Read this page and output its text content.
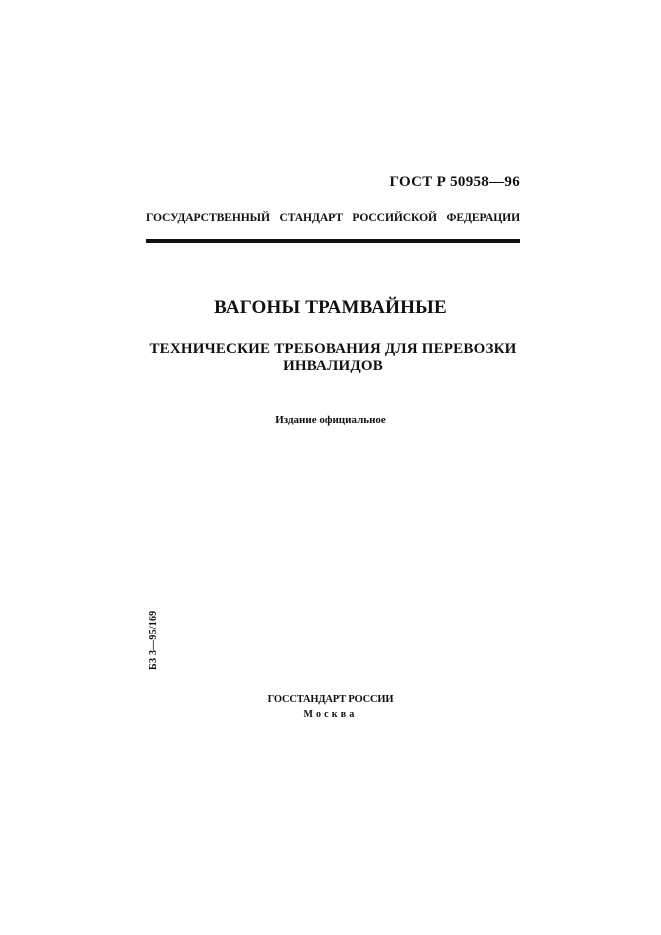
ГОСТ Р 50958—96
ГОСУДАРСТВЕННЫЙ СТАНДАРТ РОССИЙСКОЙ ФЕДЕРАЦИИ
ВАГОНЫ ТРАМВАЙНЫЕ
ТЕХНИЧЕСКИЕ ТРЕБОВАНИЯ ДЛЯ ПЕРЕВОЗКИ
ИНВАЛИДОВ
Издание официальное
БЗ 3—95/169
ГОССТАНДАРТ РОССИИ
Москва
